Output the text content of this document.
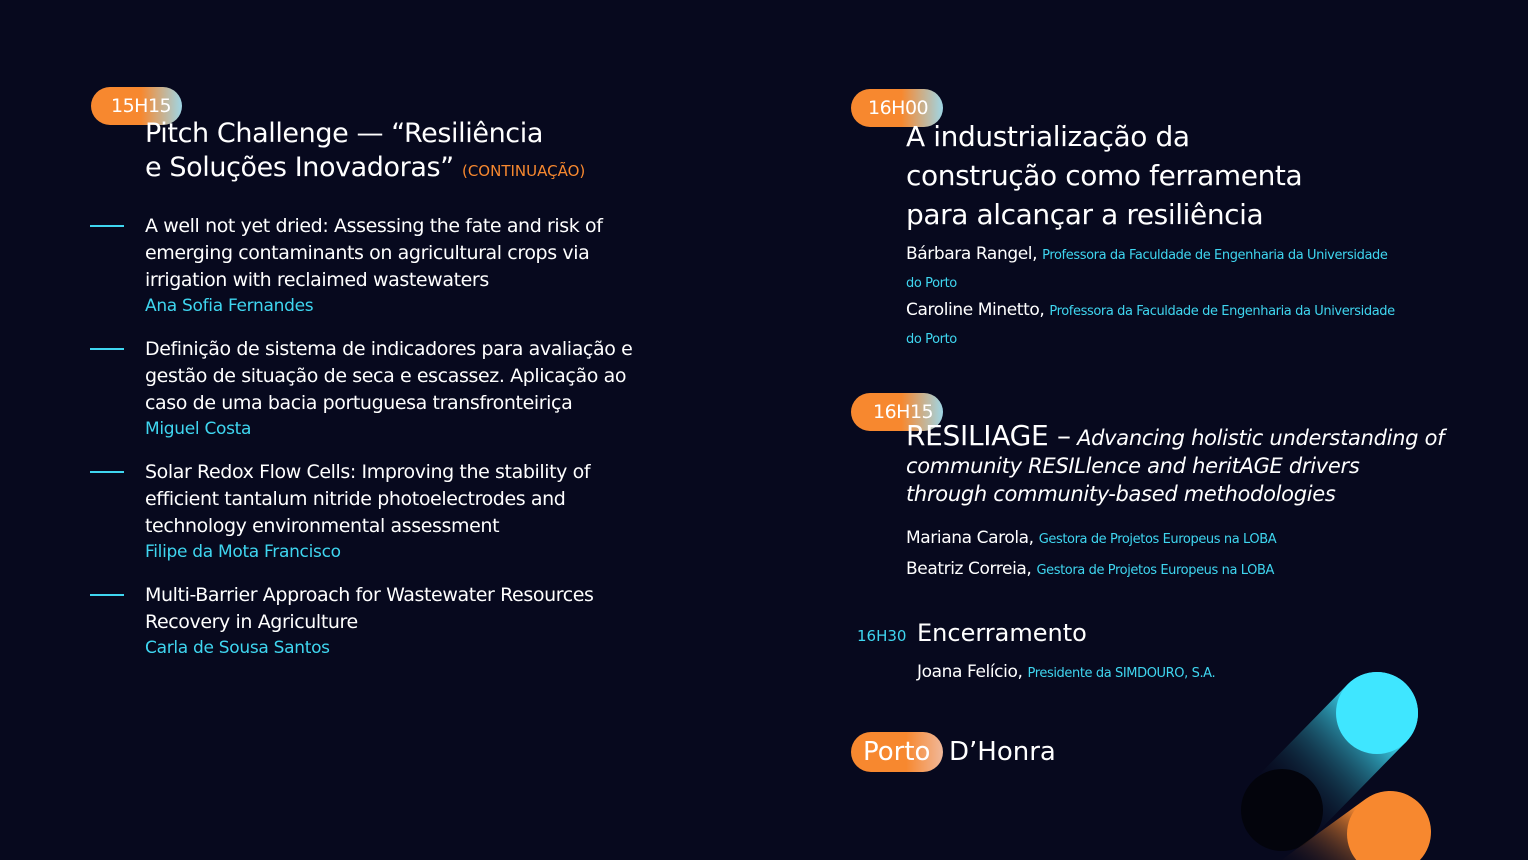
15H15
Pitch Challenge — “Resiliência
e Soluções Inovadoras” (CONTINUAÇÃO)
A well not yet dried: Assessing the fate and risk of emerging contaminants on agricultural crops via irrigation with reclaimed wastewaters
Ana Sofia Fernandes
Definição de sistema de indicadores para avaliação e gestão de situação de seca e escassez. Aplicação ao caso de uma bacia portuguesa transfronteiriça
Miguel Costa
Solar Redox Flow Cells: Improving the stability of efficient tantalum nitride photoelectrodes and technology environmental assessment
Filipe da Mota Francisco
Multi-Barrier Approach for Wastewater Resources Recovery in Agriculture
Carla de Sousa Santos
16H00
A industrialização da
construção como ferramenta
para alcançar a resiliência
Bárbara Rangel, Professora da Faculdade de Engenharia da Universidade do Porto
Caroline Minetto, Professora da Faculdade de Engenharia da Universidade do Porto
16H15
RESILIAGE – Advancing holistic understanding of community RESILlence and heritAGE drivers through community-based methodologies
Mariana Carola, Gestora de Projetos Europeus na LOBA
Beatriz Correia, Gestora de Projetos Europeus na LOBA
16H30 Encerramento
Joana Felício, Presidente da SIMDOURO, S.A.
Porto D’Honra
